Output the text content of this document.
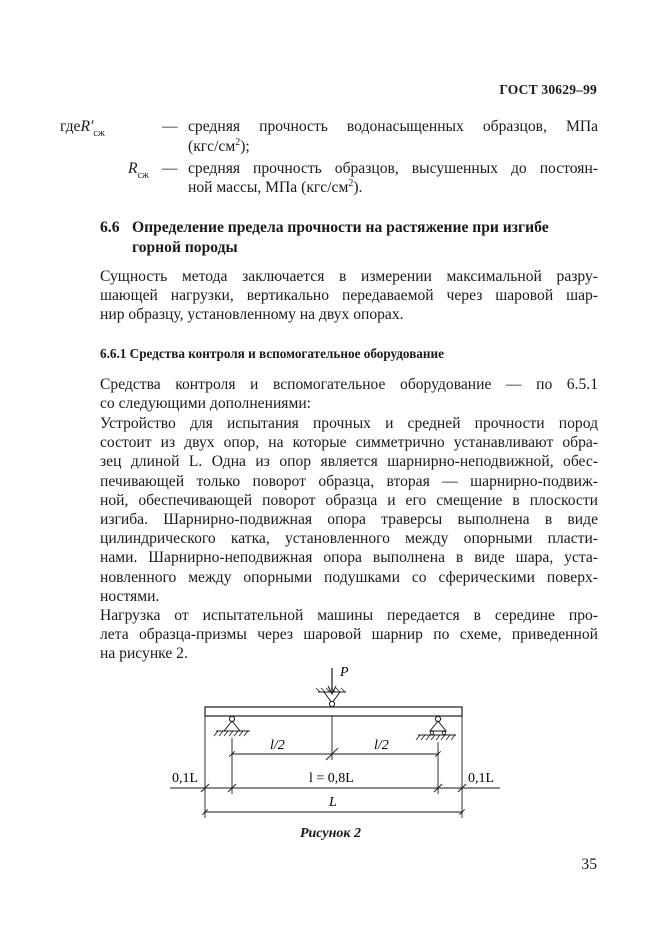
ГОСТ 30629–99
$гдеR'_{сж}$	— средняя прочность водонасыщенных образцов, МПа
$(кгс/см^2)$;
$R_{сж}$ — средняя прочность образцов, высушенных до постоян-
ной массы, МПа $(кгс/см^2)$.
6.6 Определение предела прочности на растяжение при изгибе
горной породы
Сущность метода заключается в измерении максимальной разру-
шающей нагрузки, вертикально передаваемой через шаровой шар-
нир образцу, установленному на двух опорах.
6.6.1 Средства контроля и вспомогательное оборудование
Средства контроля и вспомогательное оборудование — по 6.5.1
со следующими дополнениями:
Устройство для испытания прочных и средней прочности пород
состоит из двух опор, на которые симметрично устанавливают обра-
зец длиной L. Одна из опор является шарнирно-неподвижной, обес-
печивающей только поворот образца, вторая — шарнирно-подвиж-
ной, обеспечивающей поворот образца и его смещение в плоскости
изгиба. Шарнирно-подвижная опора траверсы выполнена в виде
цилиндрического катка, установленного между опорными пласти-
нами. Шарнирно-неподвижная опора выполнена в виде шара, уста-
новленного между опорными подушками со сферическими поверх-
ностями.
Нагрузка от испытательной машины передается в середине про-
лета образца-призмы через шаровой шарнир по схеме, приведенной
на рисунке 2.
P
l/2	l/2
0,1L	0,1L
l = 0,8L
L
Рисунок 2
35
